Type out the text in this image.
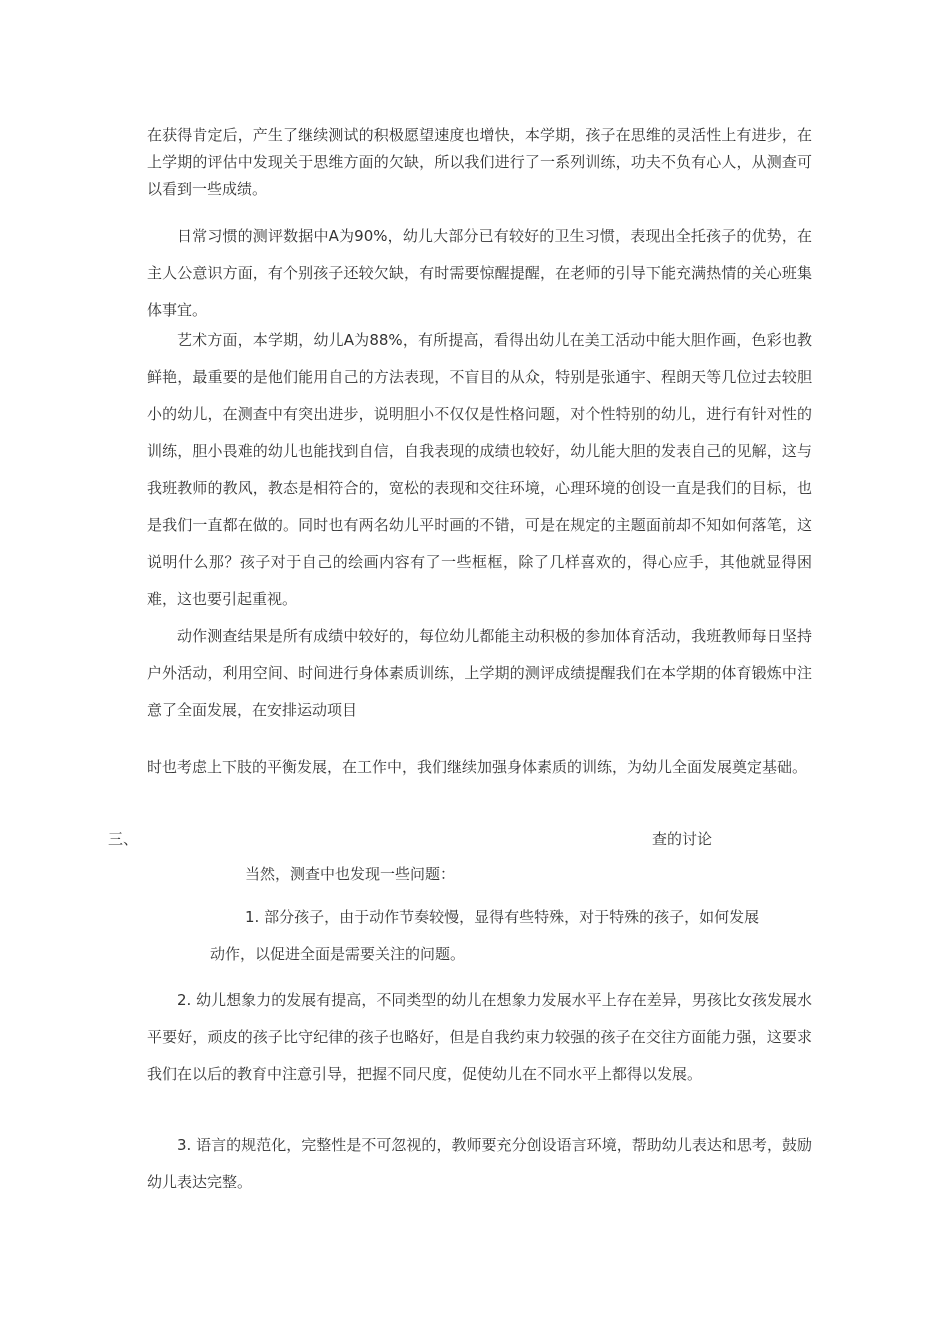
在获得肯定后，产生了继续测试的积极愿望速度也增快，本学期，孩子在思维的灵活性上有进步，在上学期的评估中发现关于思维方面的欠缺，所以我们进行了一系列训练，功夫不负有心人，从测查可以看到一些成绩。

日常习惯的测评数据中A为90%，幼儿大部分已有较好的卫生习惯，表现出全托孩子的优势，在主人公意识方面，有个别孩子还较欠缺，有时需要惊醒提醒，在老师的引导下能充满热情的关心班集体事宜。

艺术方面，本学期，幼儿A为88%，有所提高，看得出幼儿在美工活动中能大胆作画，色彩也教鲜艳，最重要的是他们能用自己的方法表现，不盲目的从众，特别是张通宇、程朗天等几位过去较胆小的幼儿，在测查中有突出进步，说明胆小不仅仅是性格问题，对个性特别的幼儿，进行有针对性的训练，胆小畏难的幼儿也能找到自信，自我表现的成绩也较好，幼儿能大胆的发表自己的见解，这与我班教师的教风，教态是相符合的，宽松的表现和交往环境，心理环境的创设一直是我们的目标，也是我们一直都在做的。同时也有两名幼儿平时画的不错，可是在规定的主题面前却不知如何落笔，这说明什么那？孩子对于自己的绘画内容有了一些框框，除了几样喜欢的，得心应手，其他就显得困难，这也要引起重视。

动作测查结果是所有成绩中较好的，每位幼儿都能主动积极的参加体育活动，我班教师每日坚持户外活动，利用空间、时间进行身体素质训练，上学期的测评成绩提醒我们在本学期的体育锻炼中注意了全面发展，在安排运动项目

时也考虑上下肢的平衡发展，在工作中，我们继续加强身体素质的训练，为幼儿全面发展奠定基础。

三、	查的讨论

当然，测查中也发现一些问题：

1. 部分孩子，由于动作节奏较慢，显得有些特殊，对于特殊的孩子，如何发展

动作，以促进全面是需要关注的问题。

2. 幼儿想象力的发展有提高，不同类型的幼儿在想象力发展水平上存在差异，男孩比女孩发展水平要好，顽皮的孩子比守纪律的孩子也略好，但是自我约束力较强的孩子在交往方面能力强，这要求我们在以后的教育中注意引导，把握不同尺度，促使幼儿在不同水平上都得以发展。

3. 语言的规范化，完整性是不可忽视的，教师要充分创设语言环境，帮助幼儿表达和思考，鼓励幼儿表达完整。
